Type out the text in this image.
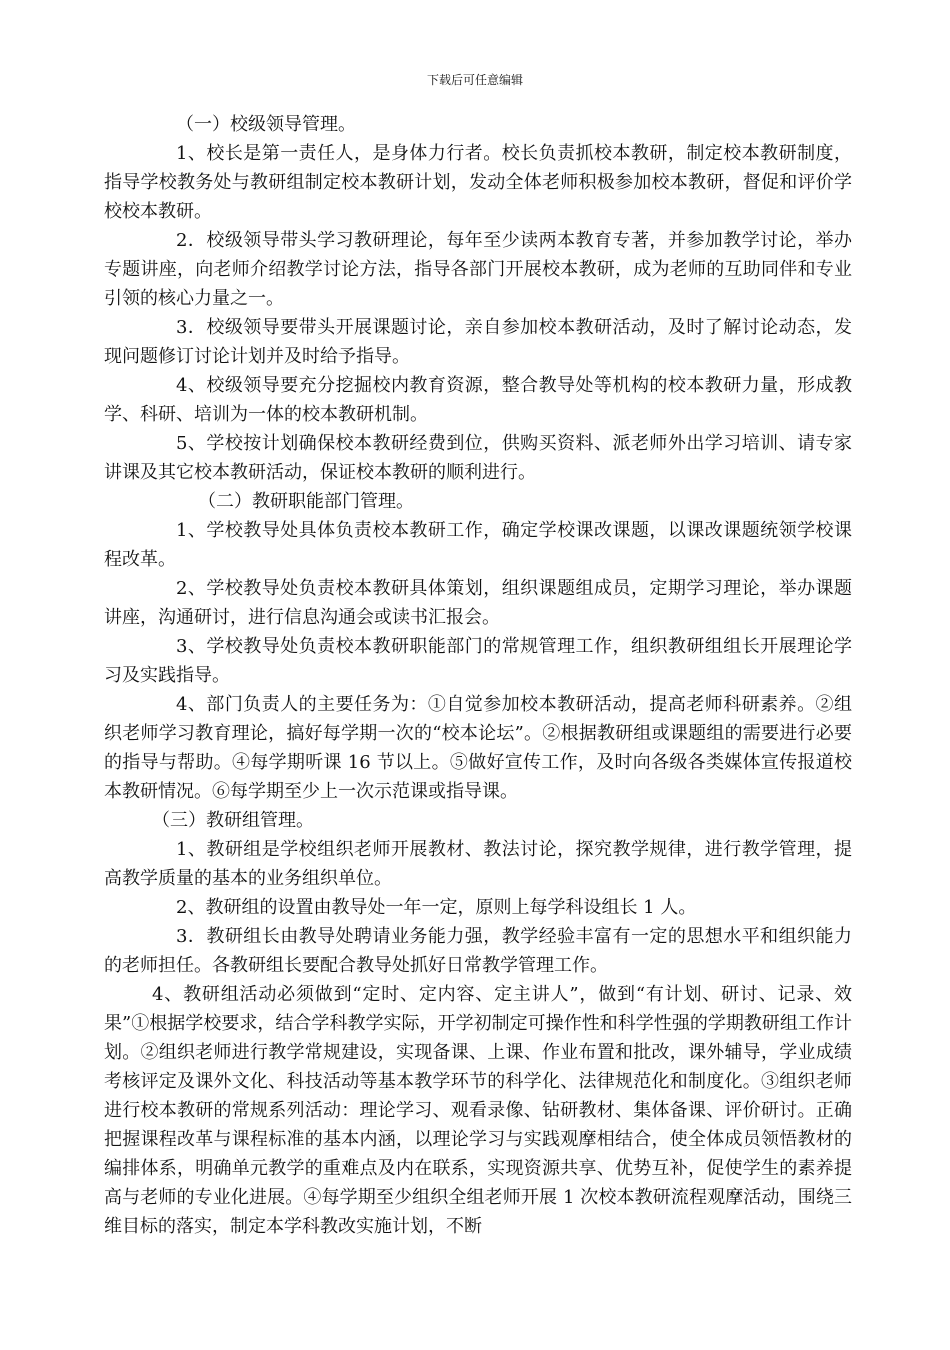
下载后可任意编辑

（一）校级领导管理。

1、校长是第一责任人，是身体力行者。校长负责抓校本教研，制定校本教研制度，指导学校教务处与教研组制定校本教研计划，发动全体老师积极参加校本教研，督促和评价学校校本教研。

2．校级领导带头学习教研理论，每年至少读两本教育专著，并参加教学讨论，举办专题讲座，向老师介绍教学讨论方法，指导各部门开展校本教研，成为老师的互助同伴和专业引领的核心力量之一。

3．校级领导要带头开展课题讨论，亲自参加校本教研活动，及时了解讨论动态，发现问题修订讨论计划并及时给予指导。

4、校级领导要充分挖掘校内教育资源，整合教导处等机构的校本教研力量，形成教学、科研、培训为一体的校本教研机制。

5、学校按计划确保校本教研经费到位，供购买资料、派老师外出学习培训、请专家讲课及其它校本教研活动，保证校本教研的顺利进行。

（二）教研职能部门管理。

1、学校教导处具体负责校本教研工作，确定学校课改课题，以课改课题统领学校课程改革。

2、学校教导处负责校本教研具体策划，组织课题组成员，定期学习理论，举办课题讲座，沟通研讨，进行信息沟通会或读书汇报会。

3、学校教导处负责校本教研职能部门的常规管理工作，组织教研组组长开展理论学习及实践指导。

4、部门负责人的主要任务为：①自觉参加校本教研活动，提高老师科研素养。②组织老师学习教育理论，搞好每学期一次的“校本论坛”。②根据教研组或课题组的需要进行必要的指导与帮助。④每学期听课 16 节以上。⑤做好宣传工作，及时向各级各类媒体宣传报道校本教研情况。⑥每学期至少上一次示范课或指导课。

（三）教研组管理。

1、教研组是学校组织老师开展教材、教法讨论，探究教学规律，进行教学管理，提高教学质量的基本的业务组织单位。

2、教研组的设置由教导处一年一定，原则上每学科设组长 1 人。

3．教研组长由教导处聘请业务能力强，教学经验丰富有一定的思想水平和组织能力的老师担任。各教研组长要配合教导处抓好日常教学管理工作。

4、教研组活动必须做到“定时、定内容、定主讲人”，做到“有计划、研讨、记录、效果”①根据学校要求，结合学科教学实际，开学初制定可操作性和科学性强的学期教研组工作计划。②组织老师进行教学常规建设，实现备课、上课、作业布置和批改，课外辅导，学业成绩考核评定及课外文化、科技活动等基本教学环节的科学化、法律规范化和制度化。③组织老师进行校本教研的常规系列活动：理论学习、观看录像、钻研教材、集体备课、评价研讨。正确把握课程改革与课程标准的基本内涵，以理论学习与实践观摩相结合，使全体成员领悟教材的编排体系，明确单元教学的重难点及内在联系，实现资源共享、优势互补，促使学生的素养提高与老师的专业化进展。④每学期至少组织全组老师开展 1 次校本教研流程观摩活动，围绕三维目标的落实，制定本学科教改实施计划，不断
